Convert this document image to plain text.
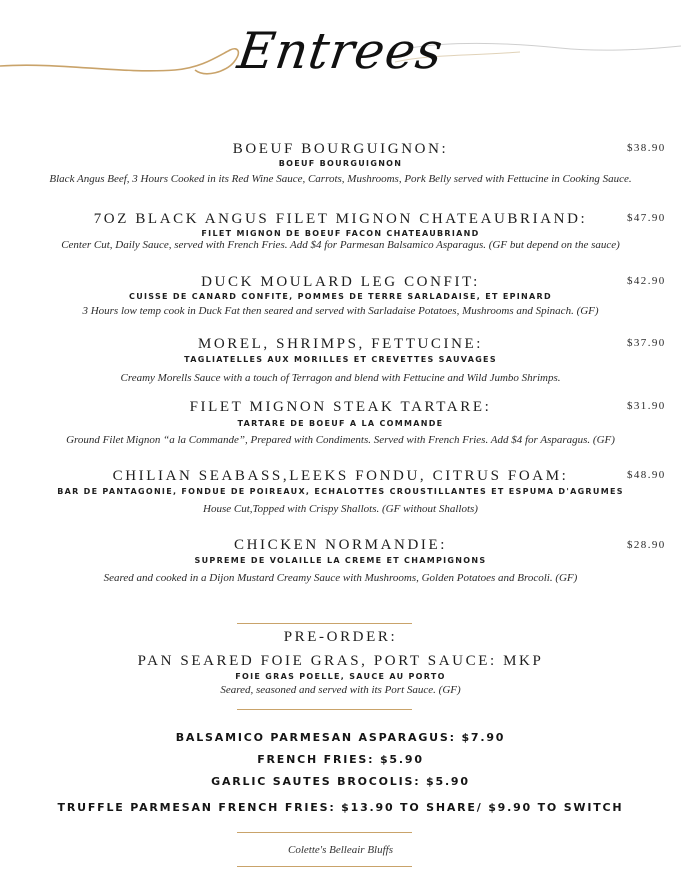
Entrees
BOEUF BOURGUIGNON:	$38.90
BOEUF BOURGUIGNON
Black Angus Beef, 3 Hours Cooked in its Red Wine Sauce, Carrots, Mushrooms, Pork Belly served with Fettucine in Cooking Sauce.
7OZ BLACK ANGUS FILET MIGNON CHATEAUBRIAND:	$47.90
FILET MIGNON DE BOEUF FACON CHATEAUBRIAND
Center Cut, Daily Sauce, served with French Fries. Add $4 for Parmesan Balsamico Asparagus. (GF but depend on the sauce)
DUCK MOULARD LEG CONFIT:	$42.90
CUISSE DE CANARD CONFITE, POMMES DE TERRE SARLADAISE, ET EPINARD
3 Hours low temp cook in Duck Fat then seared and served with Sarladaise Potatoes, Mushrooms and Spinach. (GF)
MOREL, SHRIMPS, FETTUCINE:	$37.90
TAGLIATELLES AUX MORILLES ET CREVETTES SAUVAGES
Creamy Morells Sauce with a touch of Terragon and blend with Fettucine and Wild Jumbo Shrimps.
FILET MIGNON STEAK TARTARE:	$31.90
TARTARE DE BOEUF A LA COMMANDE
Ground Filet Mignon “a la Commande”, Prepared with Condiments. Served with French Fries. Add $4 for Asparagus. (GF)
CHILIAN SEABASS,LEEKS FONDU, CITRUS FOAM:	$48.90
BAR DE PANTAGONIE, FONDUE DE POIREAUX, ECHALOTTES CROUSTILLANTES ET ESPUMA D'AGRUMES
House Cut,Topped with Crispy Shallots. (GF without Shallots)
CHICKEN NORMANDIE:	$28.90
SUPREME DE VOLAILLE LA CREME ET CHAMPIGNONS
Seared and cooked in a Dijon Mustard Creamy Sauce with Mushrooms, Golden Potatoes and Brocoli. (GF)
PRE-ORDER:
PAN SEARED FOIE GRAS, PORT SAUCE: MKP
FOIE GRAS POELLE, SAUCE AU PORTO
Seared, seasoned and served with its Port Sauce. (GF)
BALSAMICO PARMESAN ASPARAGUS: $7.90
FRENCH FRIES: $5.90
GARLIC SAUTES BROCOLIS: $5.90
TRUFFLE PARMESAN FRENCH FRIES: $13.90 TO SHARE/ $9.90 TO SWITCH
Colette's Belleair Bluffs
